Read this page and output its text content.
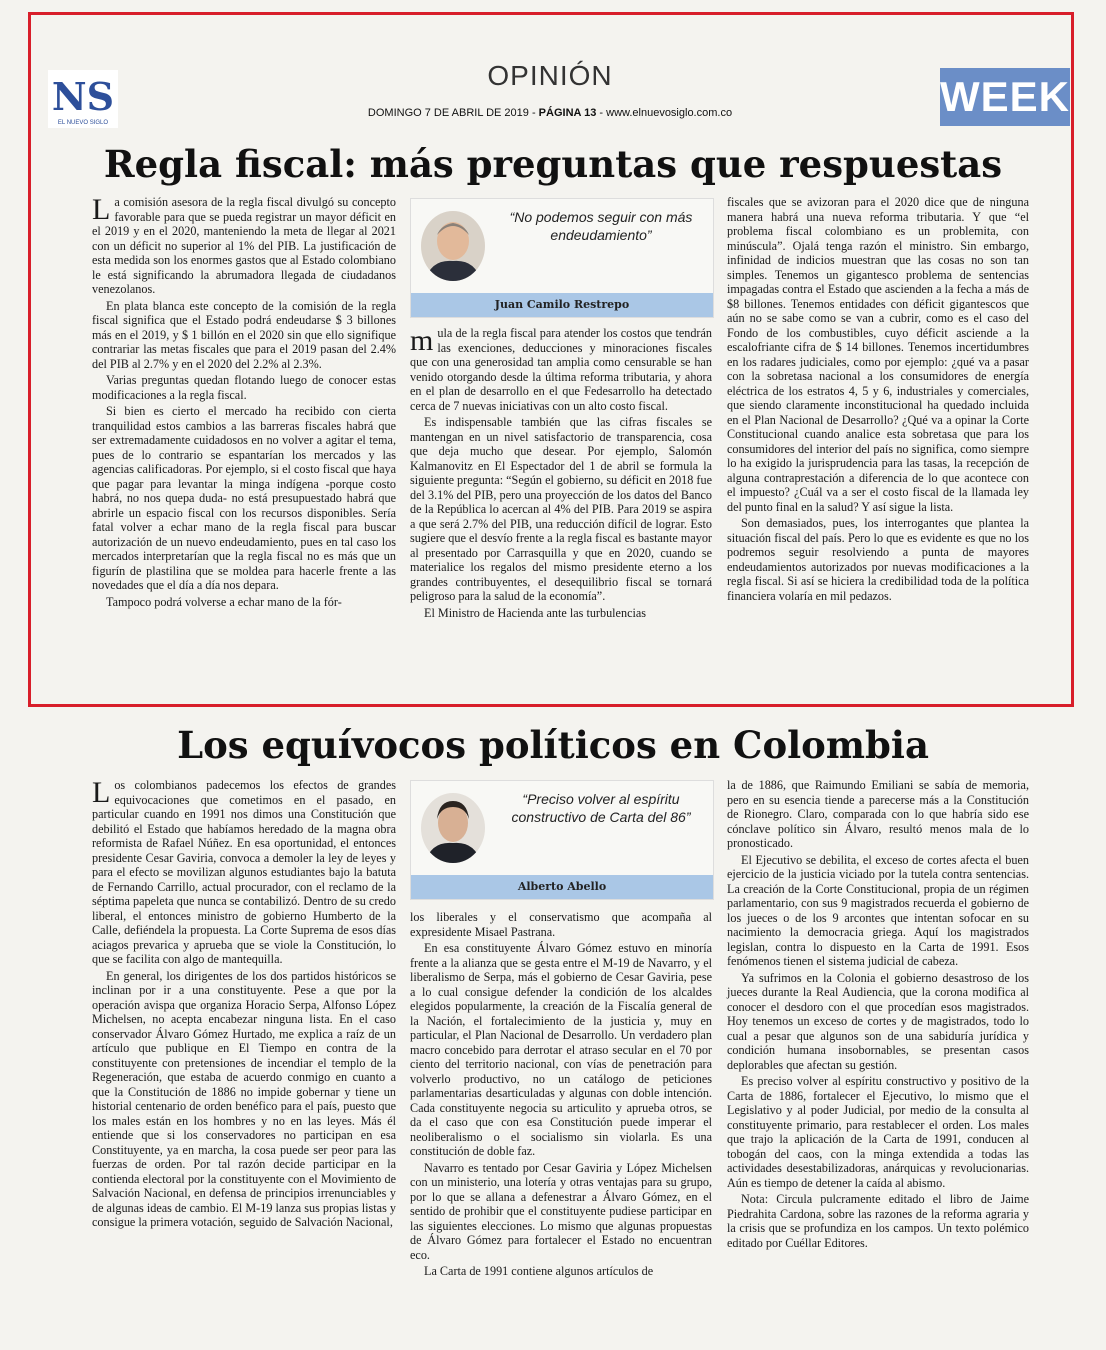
NS
EL NUEVO SIGLO
OPINIÓN
DOMINGO 7 DE ABRIL DE 2019 - PÁGINA 13 - www.elnuevosiglo.com.co	WEEK
Regla fiscal: más preguntas que respuestas

La comisión asesora de la regla fiscal divulgó su concepto favorable para que se pueda registrar un mayor déficit en el 2019 y en el 2020, manteniendo la meta de llegar al 2021 con un déficit no superior al 1% del PIB. La justificación de esta medida son los enormes gastos que al Estado colombiano le está significando la abrumadora llegada de ciudadanos venezolanos.

En plata blanca este concepto de la comisión de la regla fiscal significa que el Estado podrá endeudarse $ 3 billones más en el 2019, y $ 1 billón en el 2020 sin que ello signifique contrariar las metas fiscales que para el 2019 pasan del 2.4% del PIB al 2.7% y en el 2020 del 2.2% al 2.3%.

Varias preguntas quedan flotando luego de conocer estas modificaciones a la regla fiscal.

Si bien es cierto el mercado ha recibido con cierta tranquilidad estos cambios a las barreras fiscales habrá que ser extremadamente cuidadosos en no volver a agitar el tema, pues de lo contrario se espantarían los mercados y las agencias calificadoras. Por ejemplo, si el costo fiscal que haya que pagar para levantar la minga indígena -porque costo habrá, no nos quepa duda- no está presupuestado habrá que abrirle un espacio fiscal con los recursos disponibles. Sería fatal volver a echar mano de la regla fiscal para buscar autorización de un nuevo endeudamiento, pues en tal caso los mercados interpretarían que la regla fiscal no es más que un figurín de plastilina que se moldea para hacerle frente a las novedades que el día a día nos depara.

Tampoco podrá volverse a echar mano de la fór-

“No podemos seguir con más endeudamiento”
Juan Camilo Restrepo

mula de la regla fiscal para atender los costos que tendrán las exenciones, deducciones y minoraciones fiscales que con una generosidad tan amplia como censurable se han venido otorgando desde la última reforma tributaria, y ahora en el plan de desarrollo en el que Fedesarrollo ha detectado cerca de 7 nuevas iniciativas con un alto costo fiscal.

Es indispensable también que las cifras fiscales se mantengan en un nivel satisfactorio de transparencia, cosa que deja mucho que desear. Por ejemplo, Salomón Kalmanovitz en El Espectador del 1 de abril se formula la siguiente pregunta: “Según el gobierno, su déficit en 2018 fue del 3.1% del PIB, pero una proyección de los datos del Banco de la República lo acercan al 4% del PIB. Para 2019 se aspira a que será 2.7% del PIB, una reducción difícil de lograr. Esto sugiere que el desvío frente a la regla fiscal es bastante mayor al presentado por Carrasquilla y que en 2020, cuando se materialice los regalos del mismo presidente eterno a los grandes contribuyentes, el desequilibrio fiscal se tornará peligroso para la salud de la economía”.

El Ministro de Hacienda ante las turbulencias

fiscales que se avizoran para el 2020 dice que de ninguna manera habrá una nueva reforma tributaria. Y que “el problema fiscal colombiano es un problemita, con minúscula”. Ojalá tenga razón el ministro. Sin embargo, infinidad de indicios muestran que las cosas no son tan simples. Tenemos un gigantesco problema de sentencias impagadas contra el Estado que ascienden a la fecha a más de $8 billones. Tenemos entidades con déficit gigantescos que aún no se sabe como se van a cubrir, como es el caso del Fondo de los combustibles, cuyo déficit asciende a la escalofriante cifra de $ 14 billones. Tenemos incertidumbres en los radares judiciales, como por ejemplo: ¿qué va a pasar con la sobretasa nacional a los consumidores de energía eléctrica de los estratos 4, 5 y 6, industriales y comerciales, que siendo claramente inconstitucional ha quedado incluida en el Plan Nacional de Desarrollo? ¿Qué va a opinar la Corte Constitucional cuando analice esta sobretasa que para los consumidores del interior del país no significa, como siempre lo ha exigido la jurisprudencia para las tasas, la recepción de alguna contraprestación a diferencia de lo que acontece con el impuesto? ¿Cuál va a ser el costo fiscal de la llamada ley del punto final en la salud? Y así sigue la lista.

Son demasiados, pues, los interrogantes que plantea la situación fiscal del país. Pero lo que es evidente es que no los podremos seguir resolviendo a punta de mayores endeudamientos autorizados por nuevas modificaciones a la regla fiscal. Si así se hiciera la credibilidad toda de la política financiera volaría en mil pedazos.

Los equívocos políticos en Colombia

Los colombianos padecemos los efectos de grandes equivocaciones que cometimos en el pasado, en particular cuando en 1991 nos dimos una Constitución que debilitó el Estado que habíamos heredado de la magna obra reformista de Rafael Núñez. En esa oportunidad, el entonces presidente Cesar Gaviria, convoca a demoler la ley de leyes y para el efecto se movilizan algunos estudiantes bajo la batuta de Fernando Carrillo, actual procurador, con el reclamo de la séptima papeleta que nunca se contabilizó. Dentro de su credo liberal, el entonces ministro de gobierno Humberto de la Calle, defiéndela la propuesta. La Corte Suprema de esos días aciagos prevarica y aprueba que se viole la Constitución, lo que se facilita con algo de mantequilla.

En general, los dirigentes de los dos partidos históricos se inclinan por ir a una constituyente. Pese a que por la operación avispa que organiza Horacio Serpa, Alfonso López Michelsen, no acepta encabezar ninguna lista. En el caso conservador Álvaro Gómez Hurtado, me explica a raíz de un artículo que publique en El Tiempo en contra de la constituyente con pretensiones de incendiar el templo de la Regeneración, que estaba de acuerdo conmigo en cuanto a que la Constitución de 1886 no impide gobernar y tiene un historial centenario de orden benéfico para el país, puesto que los males están en los hombres y no en las leyes. Más él entiende que si los conservadores no participan en esa Constituyente, ya en marcha, la cosa puede ser peor para las fuerzas de orden. Por tal razón decide participar en la contienda electoral por la constituyente con el Movimiento de Salvación Nacional, en defensa de principios irrenunciables y de algunas ideas de cambio. El M-19 lanza sus propias listas y consigue la primera votación, seguido de Salvación Nacional,

“Preciso volver al espíritu constructivo de Carta del 86”
Alberto Abello

los liberales y el conservatismo que acompaña al expresidente Misael Pastrana.

En esa constituyente Álvaro Gómez estuvo en minoría frente a la alianza que se gesta entre el M-19 de Navarro, y el liberalismo de Serpa, más el gobierno de Cesar Gaviria, pese a lo cual consigue defender la condición de los alcaldes elegidos popularmente, la creación de la Fiscalía general de la Nación, el fortalecimiento de la justicia y, muy en particular, el Plan Nacional de Desarrollo. Un verdadero plan macro concebido para derrotar el atraso secular en el 70 por ciento del territorio nacional, con vías de penetración para volverlo productivo, no un catálogo de peticiones parlamentarias desarticuladas y algunas con doble intención. Cada constituyente negocia su articulito y aprueba otros, se da el caso que con esa Constitución puede imperar el neoliberalismo o el socialismo sin violarla. Es una constitución de doble faz.

Navarro es tentado por Cesar Gaviria y López Michelsen con un ministerio, una lotería y otras ventajas para su grupo, por lo que se allana a defenestrar a Álvaro Gómez, en el sentido de prohibir que el constituyente pudiese participar en las siguientes elecciones. Lo mismo que algunas propuestas de Álvaro Gómez para fortalecer el Estado no encuentran eco.

La Carta de 1991 contiene algunos artículos de

la de 1886, que Raimundo Emiliani se sabía de memoria, pero en su esencia tiende a parecerse más a la Constitución de Rionegro. Claro, comparada con lo que habría sido ese cónclave político sin Álvaro, resultó menos mala de lo pronosticado.

El Ejecutivo se debilita, el exceso de cortes afecta el buen ejercicio de la justicia viciado por la tutela contra sentencias. La creación de la Corte Constitucional, propia de un régimen parlamentario, con sus 9 magistrados recuerda el gobierno de los jueces o de los 9 arcontes que intentan sofocar en su nacimiento la democracia griega. Aquí los magistrados legislan, contra lo dispuesto en la Carta de 1991. Esos fenómenos tienen el sistema judicial de cabeza.

Ya sufrimos en la Colonia el gobierno desastroso de los jueces durante la Real Audiencia, que la corona modifica al conocer el desdoro con el que procedían esos magistrados. Hoy tenemos un exceso de cortes y de magistrados, todo lo cual a pesar que algunos son de una sabiduría jurídica y condición humana insobornables, se presentan casos deplorables que afectan su gestión.

Es preciso volver al espíritu constructivo y positivo de la Carta de 1886, fortalecer el Ejecutivo, lo mismo que el Legislativo y al poder Judicial, por medio de la consulta al constituyente primario, para restablecer el orden. Los males que trajo la aplicación de la Carta de 1991, conducen al tobogán del caos, con la minga extendida a todas las actividades desestabilizadoras, anárquicas y revolucionarias. Aún es tiempo de detener la caída al abismo.

Nota: Circula pulcramente editado el libro de Jaime Piedrahita Cardona, sobre las razones de la reforma agraria y la crisis que se profundiza en los campos. Un texto polémico editado por Cuéllar Editores.
